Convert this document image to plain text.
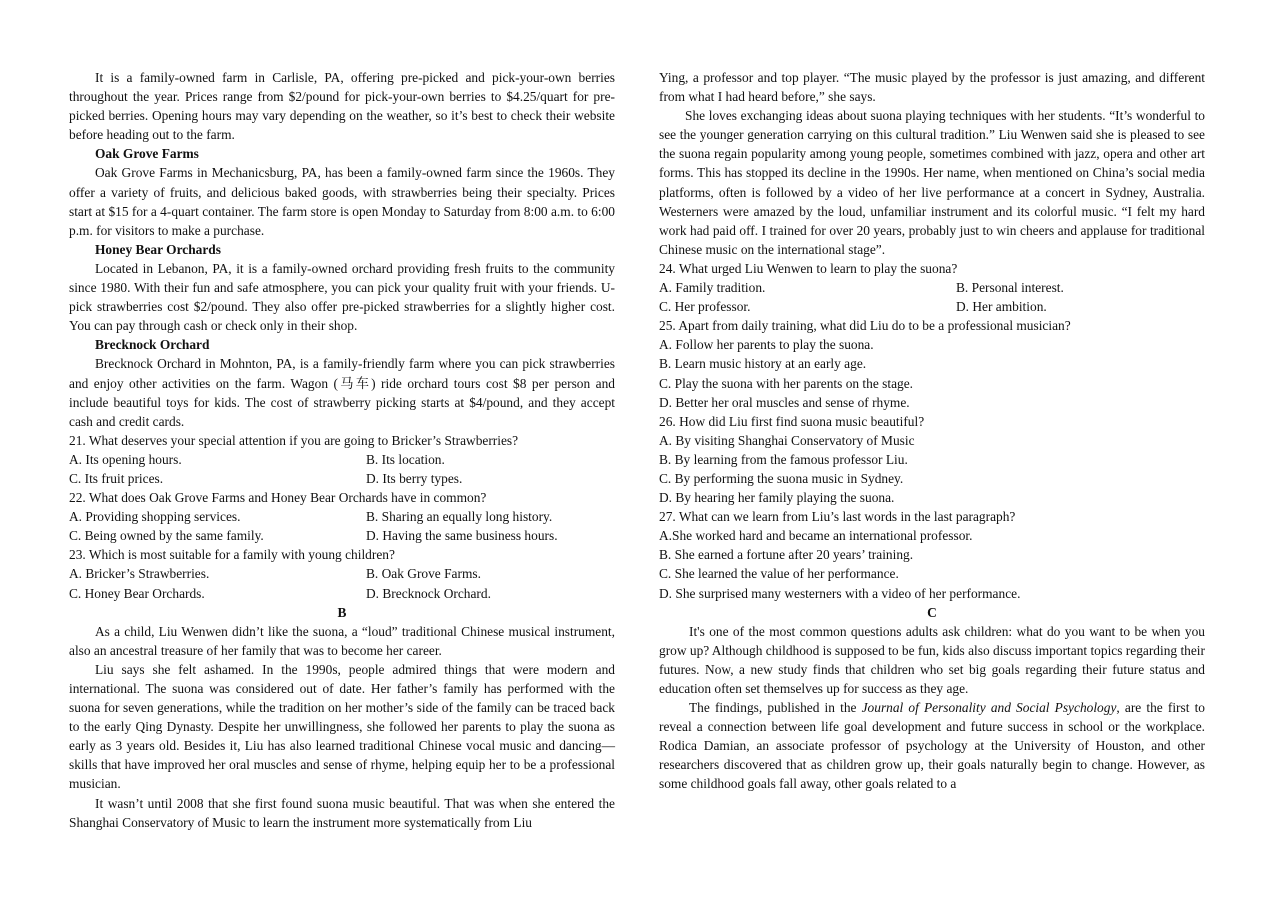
It is a family-owned farm in Carlisle, PA, offering pre-picked and pick-your-own berries throughout the year. Prices range from $2/pound for pick-your-own berries to $4.25/quart for pre-picked berries. Opening hours may vary depending on the weather, so it’s best to check their website before heading out to the farm.

Oak Grove Farms

Oak Grove Farms in Mechanicsburg, PA, has been a family-owned farm since the 1960s. They offer a variety of fruits, and delicious baked goods, with strawberries being their specialty. Prices start at $15 for a 4-quart container. The farm store is open Monday to Saturday from 8:00 a.m. to 6:00 p.m. for visitors to make a purchase.

Honey Bear Orchards

Located in Lebanon, PA, it is a family-owned orchard providing fresh fruits to the community since 1980. With their fun and safe atmosphere, you can pick your quality fruit with your friends. U-pick strawberries cost $2/pound. They also offer pre-picked strawberries for a slightly higher cost. You can pay through cash or check only in their shop.

Brecknock Orchard

Brecknock Orchard in Mohnton, PA, is a family-friendly farm where you can pick strawberries and enjoy other activities on the farm. Wagon (马车) ride orchard tours cost $8 per person and include beautiful toys for kids. The cost of strawberry picking starts at $4/pound, and they accept cash and credit cards.

21. What deserves your special attention if you are going to Bricker’s Strawberries?

A. Its opening hours.	B. Its location.
C. Its fruit prices.	D. Its berry types.

22. What does Oak Grove Farms and Honey Bear Orchards have in common?

A. Providing shopping services.	B. Sharing an equally long history.
C. Being owned by the same family.	D. Having the same business hours.

23. Which is most suitable for a family with young children?

A. Bricker’s Strawberries.	B. Oak Grove Farms.
C. Honey Bear Orchards.	D. Brecknock Orchard.

B

As a child, Liu Wenwen didn’t like the suona, a “loud” traditional Chinese musical instrument, also an ancestral treasure of her family that was to become her career.

Liu says she felt ashamed. In the 1990s, people admired things that were modern and international. The suona was considered out of date. Her father’s family has performed with the suona for seven generations, while the tradition on her mother’s side of the family can be traced back to the early Qing Dynasty. Despite her unwillingness, she followed her parents to play the suona as early as 3 years old. Besides it, Liu has also learned traditional Chinese vocal music and dancing—skills that have improved her oral muscles and sense of rhyme, helping equip her to be a professional musician.

It wasn’t until 2008 that she first found suona music beautiful. That was when she entered the Shanghai Conservatory of Music to learn the instrument more systematically from Liu

Ying, a professor and top player. “The music played by the professor is just amazing, and different from what I had heard before,” she says.

She loves exchanging ideas about suona playing techniques with her students. “It’s wonderful to see the younger generation carrying on this cultural tradition.” Liu Wenwen said she is pleased to see the suona regain popularity among young people, sometimes combined with jazz, opera and other art forms. This has stopped its decline in the 1990s. Her name, when mentioned on China’s social media platforms, often is followed by a video of her live performance at a concert in Sydney, Australia. Westerners were amazed by the loud, unfamiliar instrument and its colorful music. “I felt my hard work had paid off. I trained for over 20 years, probably just to win cheers and applause for traditional Chinese music on the international stage”.

24. What urged Liu Wenwen to learn to play the suona?

A. Family tradition.	B. Personal interest.
C. Her professor.	D. Her ambition.

25. Apart from daily training, what did Liu do to be a professional musician?

A. Follow her parents to play the suona.

B. Learn music history at an early age.

C. Play the suona with her parents on the stage.

D. Better her oral muscles and sense of rhyme.

26. How did Liu first find suona music beautiful?

A. By visiting Shanghai Conservatory of Music

B. By learning from the famous professor Liu.

C. By performing the suona music in Sydney.

D. By hearing her family playing the suona.

27. What can we learn from Liu’s last words in the last paragraph?

A.She worked hard and became an international professor.

B. She earned a fortune after 20 years’ training.

C. She learned the value of her performance.

D. She surprised many westerners with a video of her performance.

C

It's one of the most common questions adults ask children: what do you want to be when you grow up? Although childhood is supposed to be fun, kids also discuss important topics regarding their futures. Now, a new study finds that children who set big goals regarding their future status and education often set themselves up for success as they age.

The findings, published in the Journal of Personality and Social Psychology, are the first to reveal a connection between life goal development and future success in school or the workplace. Rodica Damian, an associate professor of psychology at the University of Houston, and other researchers discovered that as children grow up, their goals naturally begin to change. However, as some childhood goals fall away, other goals related to a
